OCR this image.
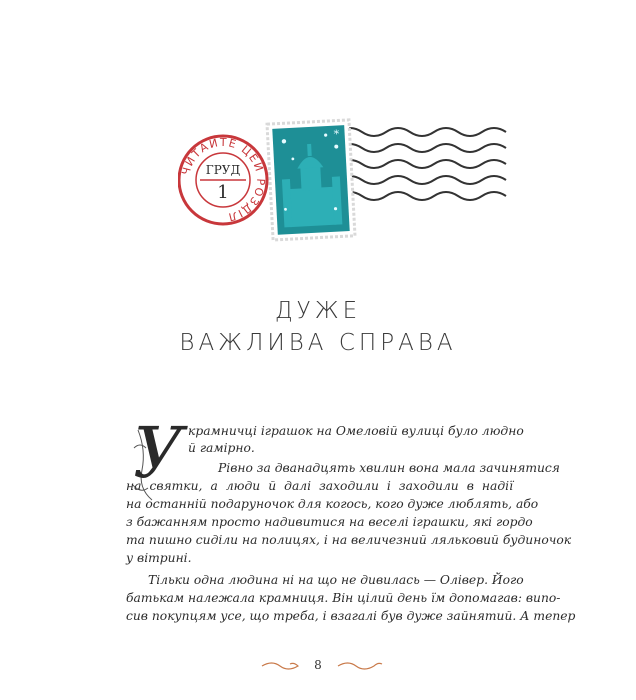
*
ЧИТАЙТЕ ЦЕЙ РОЗДІЛ
ГРУД
1
ДУЖЕ
ВАЖЛИВА СПРАВА
У крамничці іграшок на Омеловій вулиці було людно
й гамірно.
Рівно за дванадцять хвилин вона мала зачинятися
на святки, а люди й далі заходили і заходили в надії
на останній подаруночок для когось, кого дуже люблять, або
з бажанням просто надивитися на веселі іграшки, які гордо
та пишно сиділи на полицях, і на величезний ляльковий будиночок
у вітрині.
Тільки одна людина ні на що не дивилась — Олівер. Його
батькам належала крамниця. Він цілий день їм допомагав: випо-
сив покупцям усе, що треба, і взагалі був дуже зайнятий. А тепер
8
